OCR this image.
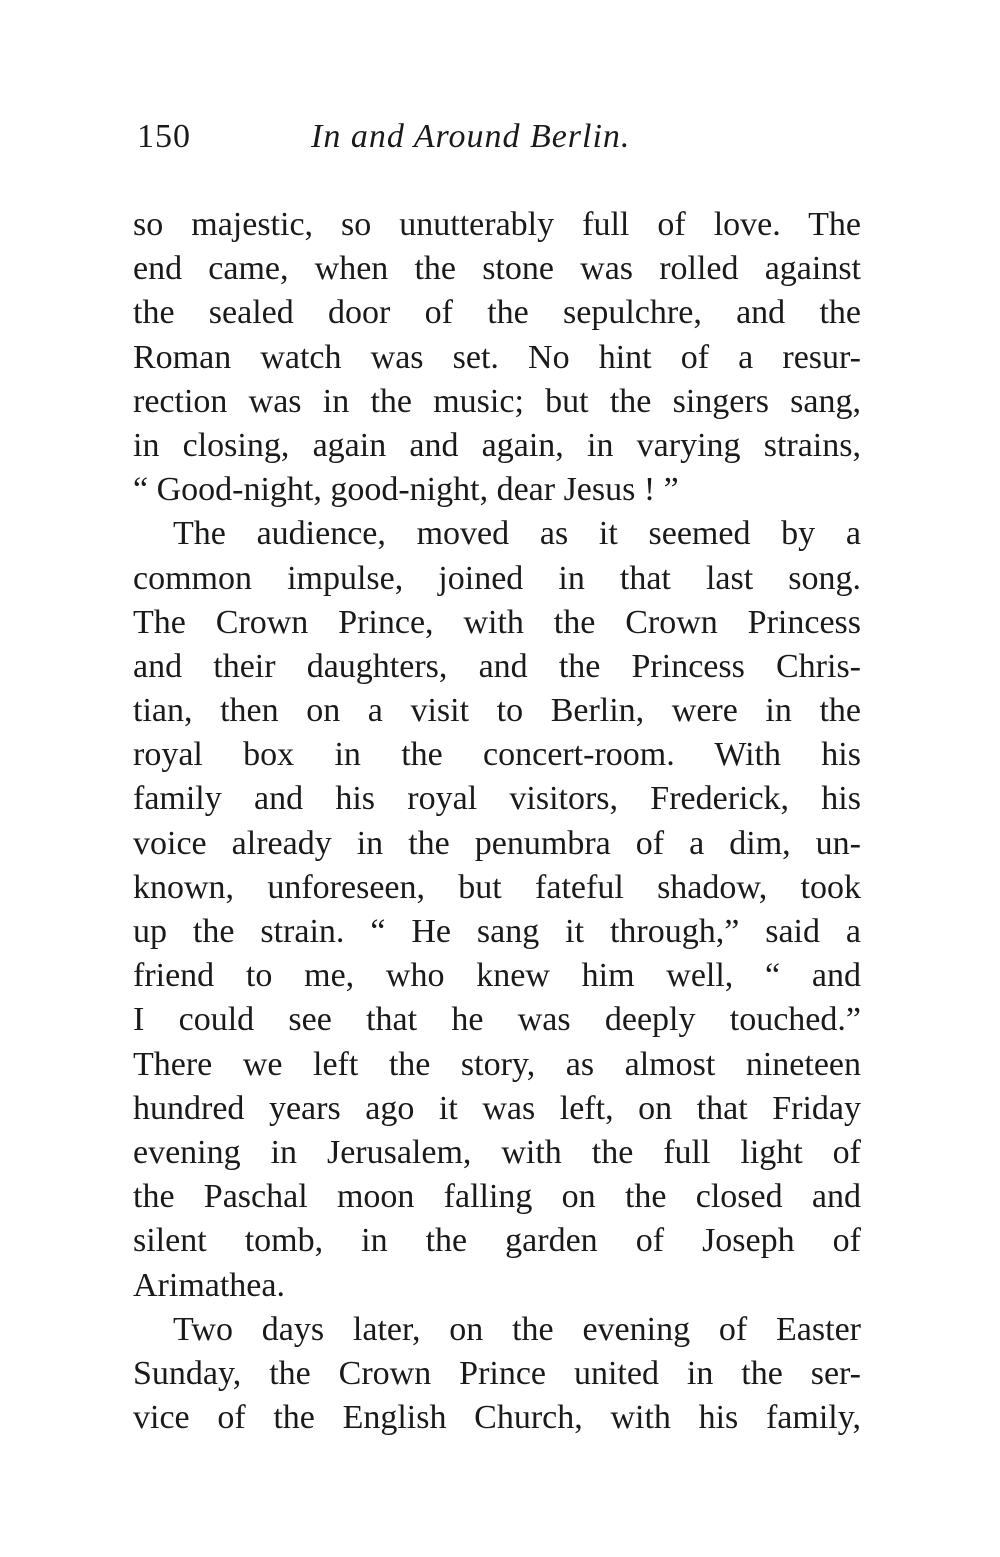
150	In and Around Berlin.
so majestic, so unutterably full of love. The
end came, when the stone was rolled against
the sealed door of the sepulchre, and the
Roman watch was set. No hint of a resur-
rection was in the music; but the singers sang,
in closing, again and again, in varying strains,
“ Good-night, good-night, dear Jesus ! ”
The audience, moved as it seemed by a
common impulse, joined in that last song.
The Crown Prince, with the Crown Princess
and their daughters, and the Princess Chris-
tian, then on a visit to Berlin, were in the
royal box in the concert-room. With his
family and his royal visitors, Frederick, his
voice already in the penumbra of a dim, un-
known, unforeseen, but fateful shadow, took
up the strain. “ He sang it through,” said a
friend to me, who knew him well, “ and
I could see that he was deeply touched.”
There we left the story, as almost nineteen
hundred years ago it was left, on that Friday
evening in Jerusalem, with the full light of
the Paschal moon falling on the closed and
silent tomb, in the garden of Joseph of
Arimathea.
Two days later, on the evening of Easter
Sunday, the Crown Prince united in the ser-
vice of the English Church, with his family,
